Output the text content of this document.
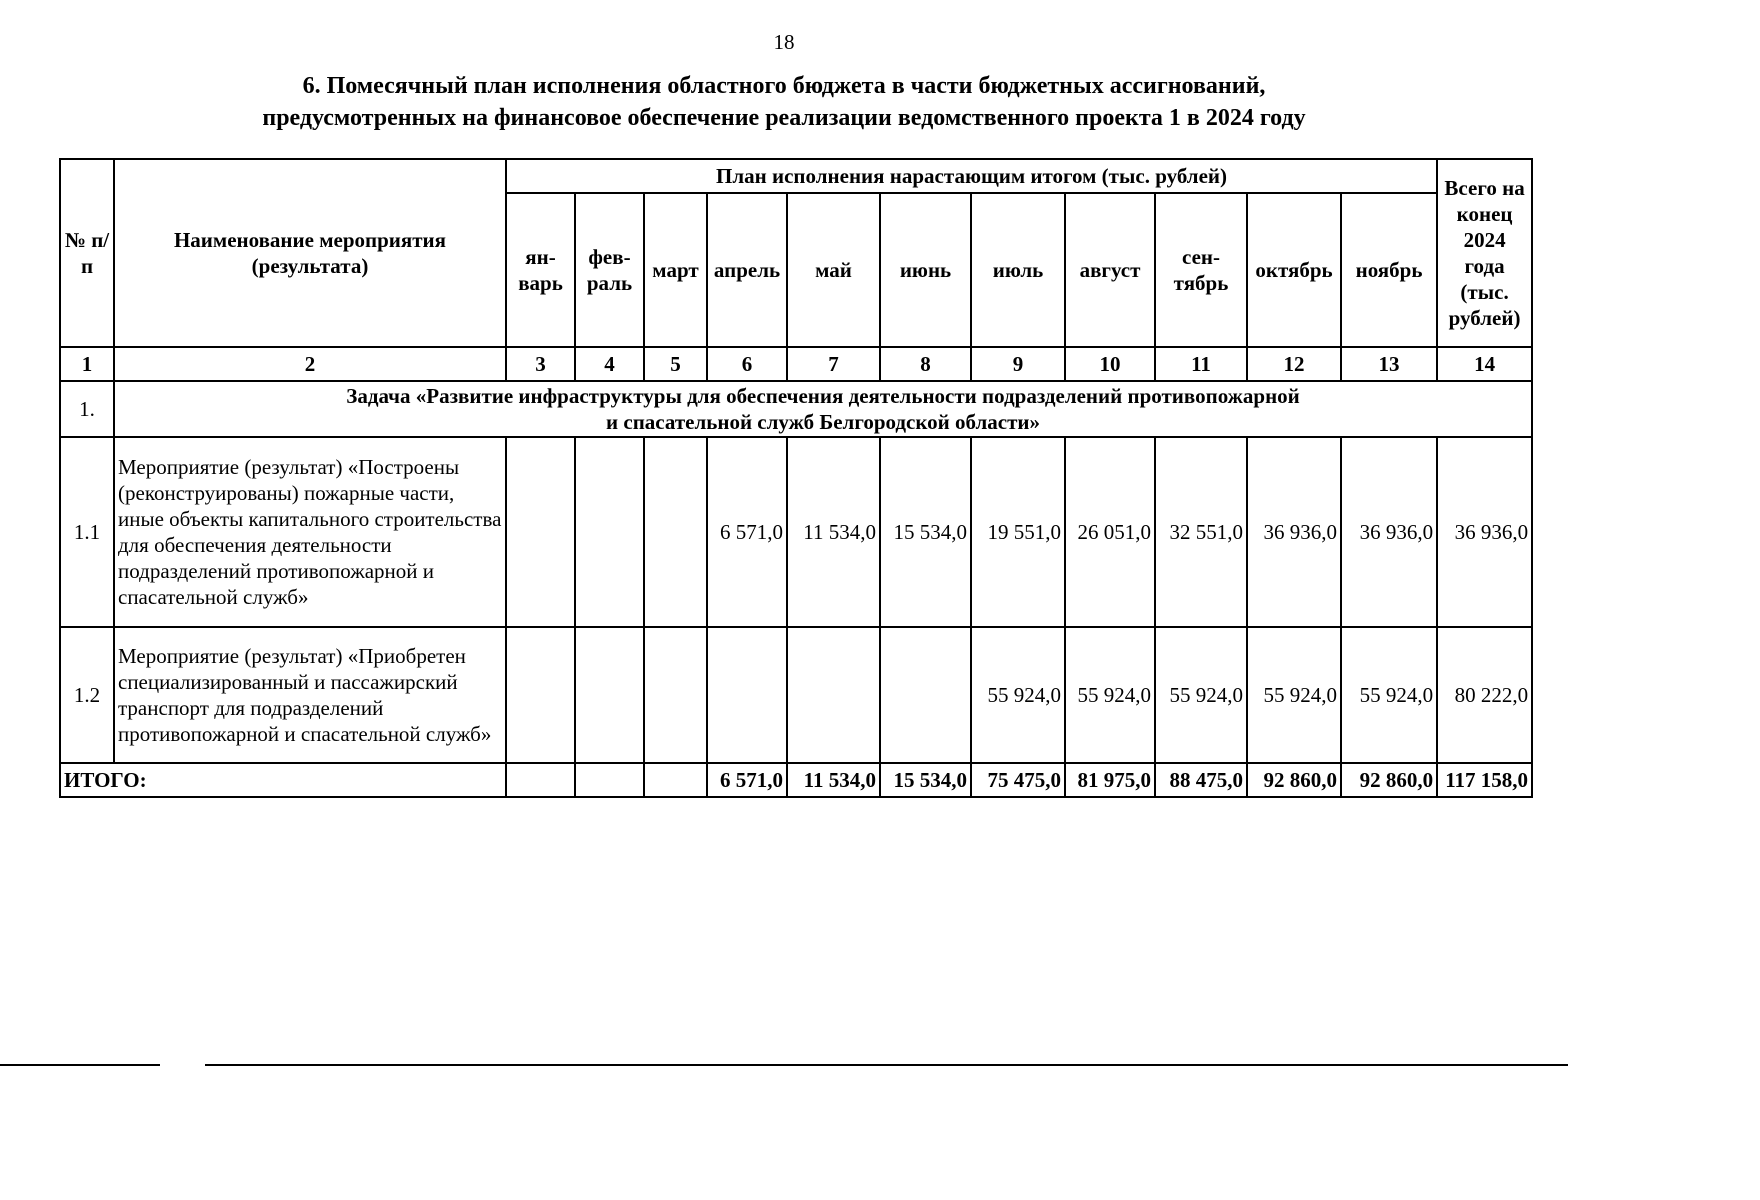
18
6. Помесячный план исполнения областного бюджета в части бюджетных ассигнований,
предусмотренных на финансовое обеспечение реализации ведомственного проекта 1 в 2024 году
№ п/п	Наименование мероприятия (результата)	План исполнения нарастающим итогом (тыс. рублей)											Всего на конец 2024 года (тыс. рублей)
		ян-варь	фев-раль	март	апрель	май	июнь	июль	август	сен-тябрь	октябрь	ноябрь	
1	2	3	4	5	6	7	8	9	10	11	12	13	14
1.	Задача «Развитие инфраструктуры для обеспечения деятельности подразделений противопожарной
и спасательной служб Белгородской области»												

1.1	Мероприятие (результат) «Построены (реконструированы) пожарные части, иные объекты капитального строительства для обеспечения деятельности подразделений противопожарной и спасательной служб»				6 571,0	11 534,0	15 534,0	19 551,0	26 051,0	32 551,0	36 936,0	36 936,0	36 936,0
1.2	Мероприятие (результат) «Приобретен специализированный и пассажирский транспорт для подразделений противопожарной и спасательной служб»							55 924,0	55 924,0	55 924,0	55 924,0	55 924,0	80 222,0
ИТОГО:					6 571,0	11 534,0	15 534,0	75 475,0	81 975,0	88 475,0	92 860,0	92 860,0	117 158,0
